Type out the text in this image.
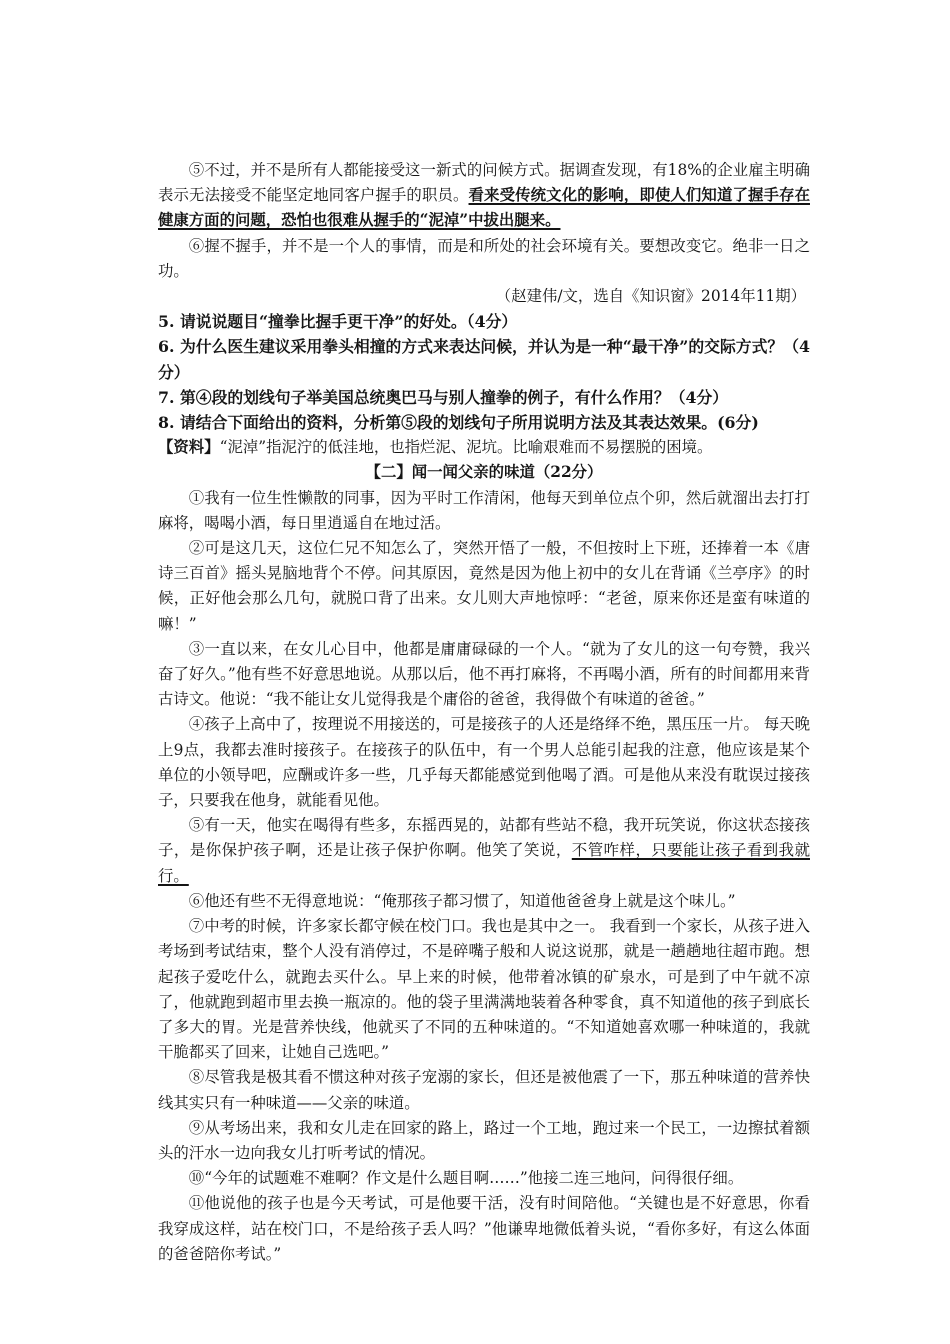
⑤不过，并不是所有人都能接受这一新式的问候方式。据调查发现，有18%的企业雇主明确表示无法接受不能坚定地同客户握手的职员。看来受传统文化的影响，即使人们知道了握手存在健康方面的问题，恐怕也很难从握手的“泥淖”中拔出腿来。

⑥握不握手，并不是一个人的事情，而是和所处的社会环境有关。要想改变它。绝非一日之功。

（赵建伟/文，选自《知识窗》2014年11期）

5. 请说说题目“撞拳比握手更干净”的好处。（4分）

6. 为什么医生建议采用拳头相撞的方式来表达问候，并认为是一种“最干净”的交际方式？（4分）

7. 第④段的划线句子举美国总统奥巴马与别人撞拳的例子，有什么作用？（4分）

8. 请结合下面给出的资料，分析第⑤段的划线句子所用说明方法及其表达效果。(6分)

【资料】“泥淖”指泥泞的低洼地，也指烂泥、泥坑。比喻艰难而不易摆脱的困境。

【二】闻一闻父亲的味道（22分）

①我有一位生性懒散的同事，因为平时工作清闲，他每天到单位点个卯，然后就溜出去打打麻将，喝喝小酒，每日里逍遥自在地过活。

②可是这几天，这位仁兄不知怎么了，突然开悟了一般，不但按时上下班，还捧着一本《唐诗三百首》摇头晃脑地背个不停。问其原因，竟然是因为他上初中的女儿在背诵《兰亭序》的时候，正好他会那么几句，就脱口背了出来。女儿则大声地惊呼：“老爸，原来你还是蛮有味道的嘛！”

③一直以来，在女儿心目中，他都是庸庸碌碌的一个人。“就为了女儿的这一句夸赞，我兴奋了好久。”他有些不好意思地说。从那以后，他不再打麻将，不再喝小酒，所有的时间都用来背古诗文。他说：“我不能让女儿觉得我是个庸俗的爸爸，我得做个有味道的爸爸。”

④孩子上高中了，按理说不用接送的，可是接孩子的人还是络绎不绝，黑压压一片。 每天晚上9点，我都去准时接孩子。在接孩子的队伍中，有一个男人总能引起我的注意，他应该是某个单位的小领导吧，应酬或许多一些，几乎每天都能感觉到他喝了酒。可是他从来没有耽误过接孩子，只要我在他身，就能看见他。

⑤有一天，他实在喝得有些多，东摇西晃的，站都有些站不稳，我开玩笑说，你这状态接孩子，是你保护孩子啊，还是让孩子保护你啊。他笑了笑说，不管咋样，只要能让孩子看到我就行。

⑥他还有些不无得意地说：“俺那孩子都习惯了，知道他爸爸身上就是这个味儿。”

⑦中考的时候，许多家长都守候在校门口。我也是其中之一。 我看到一个家长，从孩子进入考场到考试结束，整个人没有消停过，不是碎嘴子般和人说这说那，就是一趟趟地往超市跑。想起孩子爱吃什么，就跑去买什么。早上来的时候，他带着冰镇的矿泉水，可是到了中午就不凉了，他就跑到超市里去换一瓶凉的。他的袋子里满满地装着各种零食，真不知道他的孩子到底长了多大的胃。光是营养快线，他就买了不同的五种味道的。“不知道她喜欢哪一种味道的，我就干脆都买了回来，让她自己选吧。”

⑧尽管我是极其看不惯这种对孩子宠溺的家长，但还是被他震了一下，那五种味道的营养快线其实只有一种味道——父亲的味道。

⑨从考场出来，我和女儿走在回家的路上，路过一个工地，跑过来一个民工，一边擦拭着额头的汗水一边向我女儿打听考试的情况。

⑩“今年的试题难不难啊？作文是什么题目啊……”他接二连三地问，问得很仔细。

⑪他说他的孩子也是今天考试，可是他要干活，没有时间陪他。“关键也是不好意思，你看我穿成这样，站在校门口，不是给孩子丢人吗？”他谦卑地微低着头说，“看你多好，有这么体面的爸爸陪你考试。”
